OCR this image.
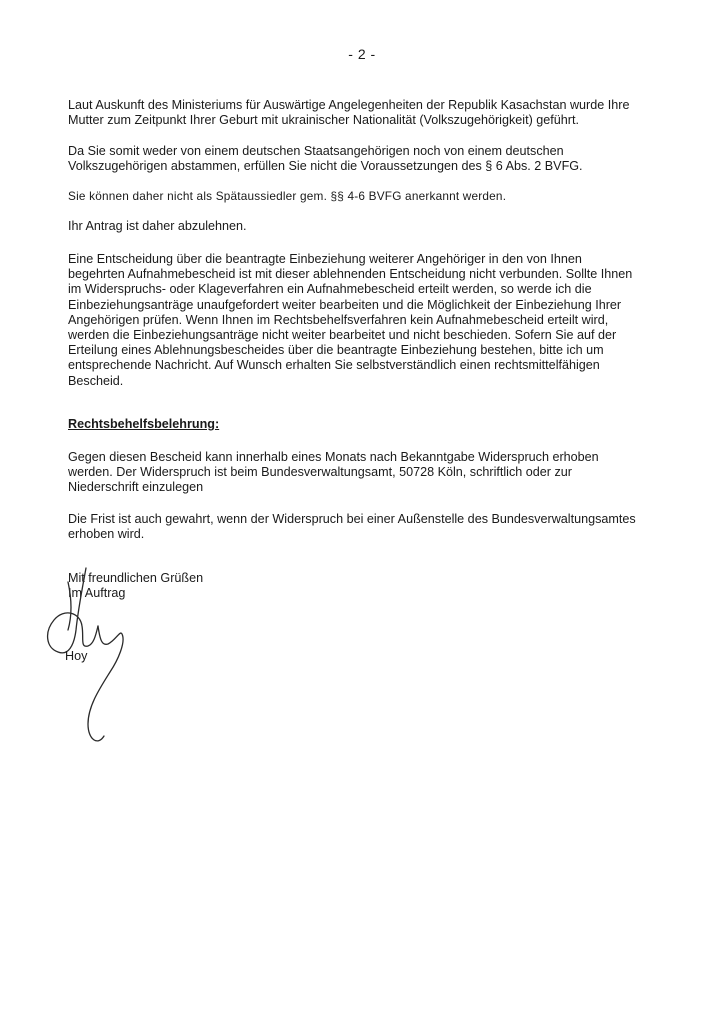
- 2 -

Laut Auskunft des Ministeriums für Auswärtige Angelegenheiten der Republik Kasachstan wurde Ihre
Mutter zum Zeitpunkt Ihrer Geburt mit ukrainischer Nationalität (Volkszugehörigkeit) geführt.

Da Sie somit weder von einem deutschen Staatsangehörigen noch von einem deutschen
Volkszugehörigen abstammen, erfüllen Sie nicht die Voraussetzungen des § 6 Abs. 2 BVFG.

Sie können daher nicht als Spätaussiedler gem. §§ 4-6 BVFG anerkannt werden.

Ihr Antrag ist daher abzulehnen.

Eine Entscheidung über die beantragte Einbeziehung weiterer Angehöriger in den von Ihnen
begehrten Aufnahmebescheid ist mit dieser ablehnenden Entscheidung nicht verbunden. Sollte Ihnen
im Widerspruchs- oder Klageverfahren ein Aufnahmebescheid erteilt werden, so werde ich die
Einbeziehungsanträge unaufgefordert weiter bearbeiten und die Möglichkeit der Einbeziehung Ihrer
Angehörigen prüfen. Wenn Ihnen im Rechtsbehelfsverfahren kein Aufnahmebescheid erteilt wird,
werden die Einbeziehungsanträge nicht weiter bearbeitet und nicht beschieden. Sofern Sie auf der
Erteilung eines Ablehnungsbescheides über die beantragte Einbeziehung bestehen, bitte ich um
entsprechende Nachricht. Auf Wunsch erhalten Sie selbstverständlich einen rechtsmittelfähigen
Bescheid.

Rechtsbehelfsbelehrung:

Gegen diesen Bescheid kann innerhalb eines Monats nach Bekanntgabe Widerspruch erhoben
werden. Der Widerspruch ist beim Bundesverwaltungsamt, 50728 Köln, schriftlich oder zur
Niederschrift einzulegen

Die Frist ist auch gewahrt, wenn der Widerspruch bei einer Außenstelle des Bundesverwaltungsamtes
erhoben wird.

Mit freundlichen Grüßen
Im Auftrag

Hoy
